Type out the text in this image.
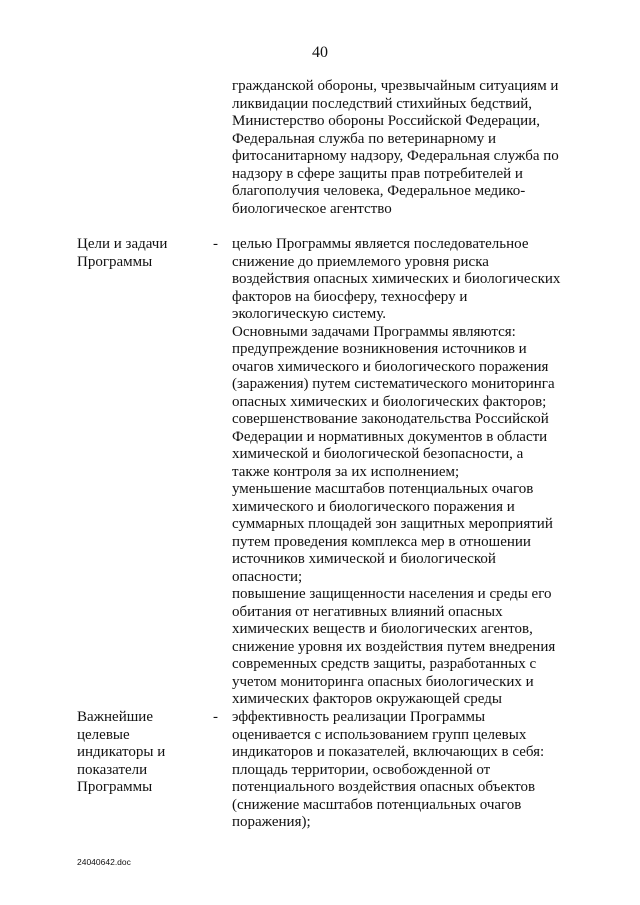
40
гражданской обороны, чрезвычайным ситуациям и
ликвидации последствий стихийных бедствий,
Министерство обороны Российской Федерации,
Федеральная служба по ветеринарному и
фитосанитарному надзору, Федеральная служба по
надзору в сфере защиты прав потребителей и
благополучия человека, Федеральное медико-
биологическое агентство
Цели и задачи
Программы
- целью Программы является последовательное
снижение до приемлемого уровня риска
воздействия опасных химических и биологических
факторов на биосферу, техносферу и
экологическую систему.
Основными задачами Программы являются:
предупреждение возникновения источников и
очагов химического и биологического поражения
(заражения) путем систематического мониторинга
опасных химических и биологических факторов;
совершенствование законодательства Российской
Федерации и нормативных документов в области
химической и биологической безопасности, а
также контроля за их исполнением;
уменьшение масштабов потенциальных очагов
химического и биологического поражения и
суммарных площадей зон защитных мероприятий
путем проведения комплекса мер в отношении
источников химической и биологической
опасности;
повышение защищенности населения и среды его
обитания от негативных влияний опасных
химических веществ и биологических агентов,
снижение уровня их воздействия путем внедрения
современных средств защиты, разработанных с
учетом мониторинга опасных биологических и
химических факторов окружающей среды
Важнейшие
целевые
индикаторы и
показатели
Программы
- эффективность реализации Программы
оценивается с использованием групп целевых
индикаторов и показателей, включающих в себя:
площадь территории, освобожденной от
потенциального воздействия опасных объектов
(снижение масштабов потенциальных очагов
поражения);
24040642.doc
